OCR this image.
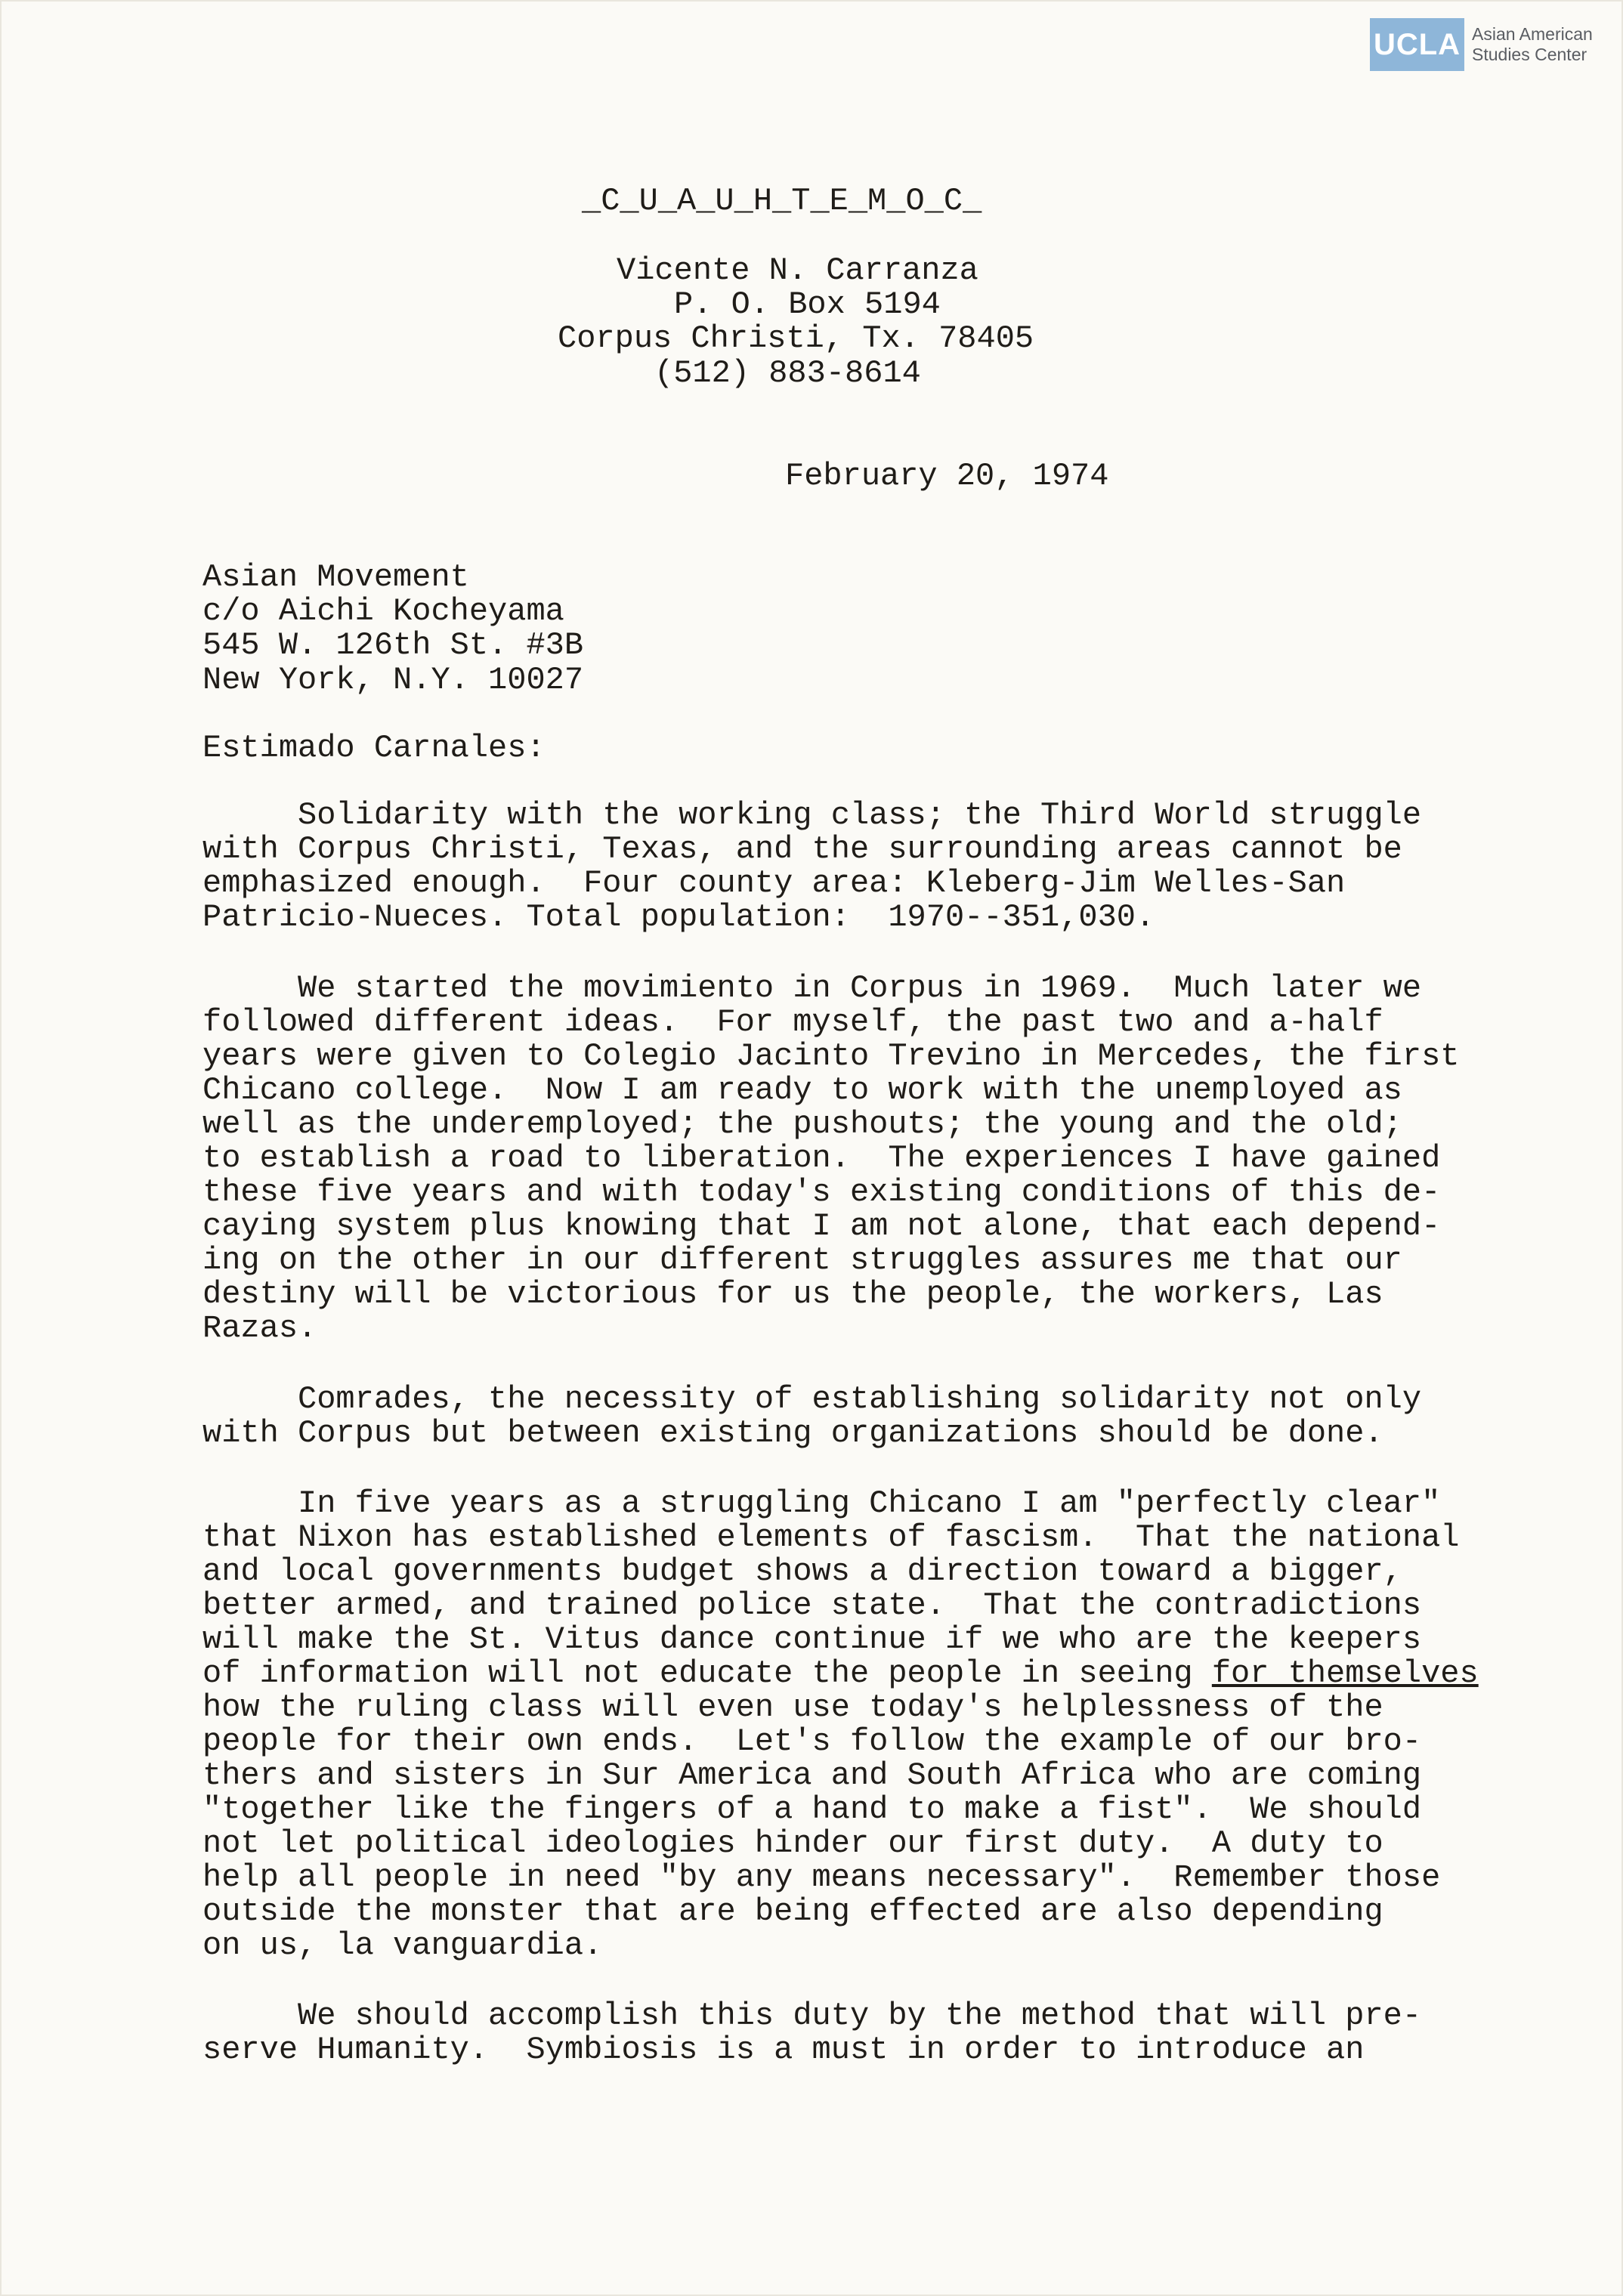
UCLA Asian American
Studies Center
_C_U_A_U_H_T_E_M_O_C_
Vicente N. Carranza
P. O. Box 5194
Corpus Christi, Tx. 78405
(512) 883-8614
February 20, 1974
Asian Movement
c/o Aichi Kocheyama
545 W. 126th St. #3B
New York, N.Y. 10027
Estimado Carnales:
Solidarity with the working class; the Third World struggle
with Corpus Christi, Texas, and the surrounding areas cannot be
emphasized enough.  Four county area: Kleberg-Jim Welles-San
Patricio-Nueces. Total population:  1970--351,030.
We started the movimiento in Corpus in 1969.  Much later we
followed different ideas.  For myself, the past two and a-half
years were given to Colegio Jacinto Trevino in Mercedes, the first
Chicano college.  Now I am ready to work with the unemployed as
well as the underemployed; the pushouts; the young and the old;
to establish a road to liberation.  The experiences I have gained
these five years and with today's existing conditions of this de-
caying system plus knowing that I am not alone, that each depend-
ing on the other in our different struggles assures me that our
destiny will be victorious for us the people, the workers, Las
Razas.
Comrades, the necessity of establishing solidarity not only
with Corpus but between existing organizations should be done.
In five years as a struggling Chicano I am "perfectly clear"
that Nixon has established elements of fascism.  That the national
and local governments budget shows a direction toward a bigger,
better armed, and trained police state.  That the contradictions
will make the St. Vitus dance continue if we who are the keepers
of information will not educate the people in seeing for themselves
how the ruling class will even use today's helplessness of the
people for their own ends.  Let's follow the example of our bro-
thers and sisters in Sur America and South Africa who are coming
"together like the fingers of a hand to make a fist".  We should
not let political ideologies hinder our first duty.  A duty to
help all people in need "by any means necessary".  Remember those
outside the monster that are being effected are also depending
on us, la vanguardia.
We should accomplish this duty by the method that will pre-
serve Humanity.  Symbiosis is a must in order to introduce an
